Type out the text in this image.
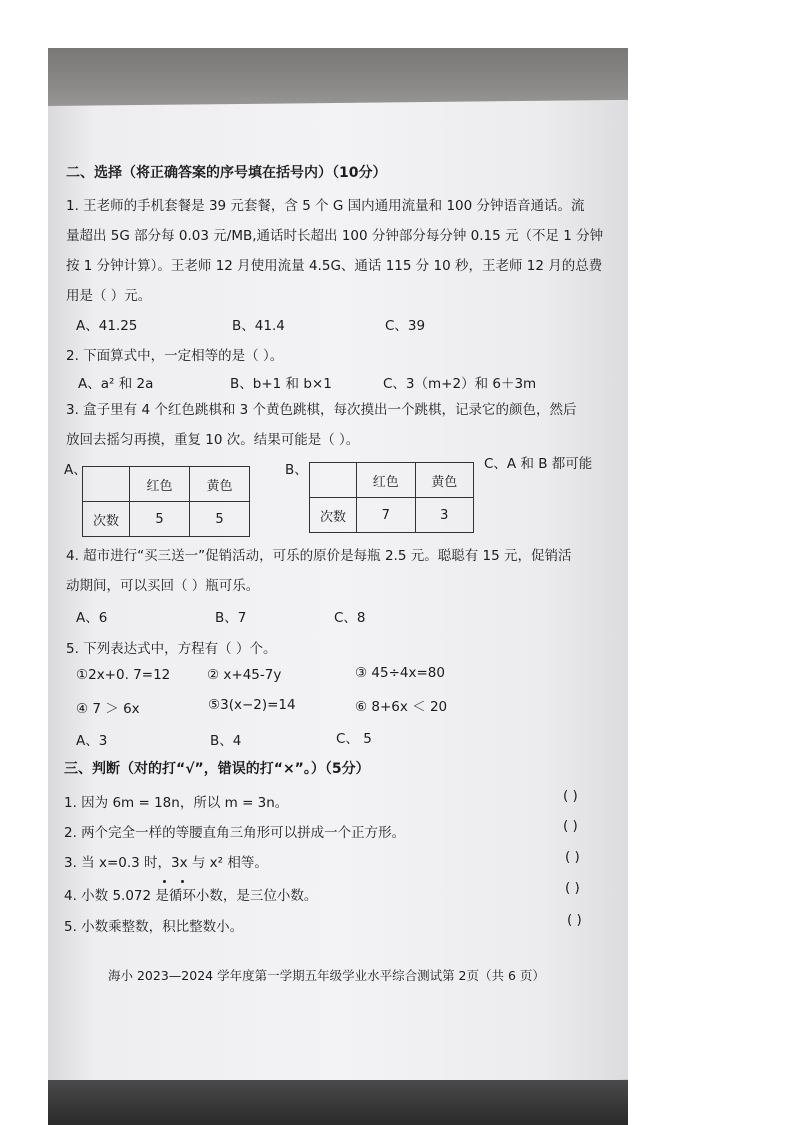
二、选择（将正确答案的序号填在括号内）（10分）
1. 王老师的手机套餐是 39 元套餐，含 5 个 G 国内通用流量和 100 分钟语音通话。流
量超出 5G 部分每 0.03 元/MB,通话时长超出 100 分钟部分每分钟 0.15 元（不足 1 分钟
按 1 分钟计算）。王老师 12 月使用流量 4.5G、通话 115 分 10 秒，王老师 12 月的总费
用是（ ）元。
A、41.25	B、41.4	C、39
2. 下面算式中，一定相等的是（ ）。
A、a² 和 2a	B、b+1 和 b×1	C、3（m+2）和 6＋3m
3. 盒子里有 4 个红色跳棋和 3 个黄色跳棋，每次摸出一个跳棋，记录它的颜色，然后
放回去摇匀再摸，重复 10 次。结果可能是（ ）。
A、
	红色	黄色
次数	5	5
B、
	红色	黄色
次数	7	3
C、A 和 B 都可能
4. 超市进行“买三送一”促销活动，可乐的原价是每瓶 2.5 元。聪聪有 15 元，促销活
动期间，可以买回（ ）瓶可乐。
A、6	B、7	C、8
5. 下列表达式中，方程有（ ）个。
①2x+0. 7=12	② x+45-7y	③ 45÷4x=80
④ 7 ＞ 6x	⑤3(x−2)=14	⑥ 8+6x ＜ 20
A、3	B、4	C、 5
三、判断（对的打“√”，错误的打“×”。）（5分）
1. 因为 6m = 18n，所以 m = 3n。	( )
2. 两个完全一样的等腰直角三角形可以拼成一个正方形。	( )
3. 当 x=0.3 时，3x 与 x² 相等。	( )
4. 小数 5.072 是循环小数，是三位小数。	( )
5. 小数乘整数，积比整数小。	( )
海小 2023—2024 学年度第一学期五年级学业水平综合测试第 2页（共 6 页）
